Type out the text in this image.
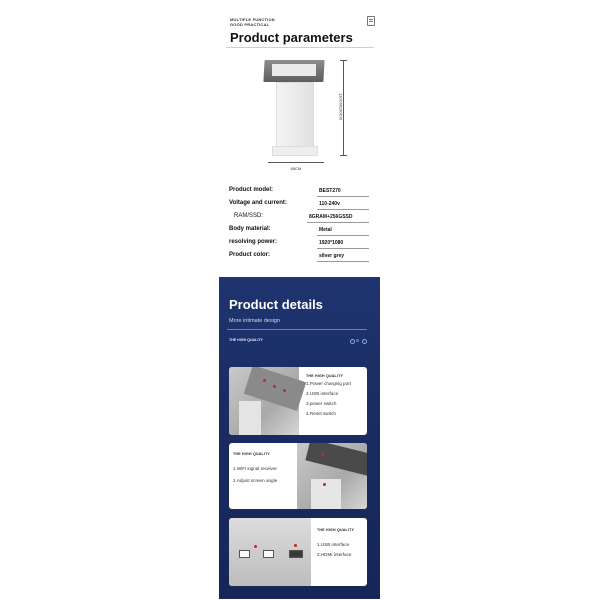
MULTIPLE FUNCTION
GOOD PRACTICAL
Product parameters
110CM/150CM
65CM
Product model:	BEST270
Voltage and current:	110-240v
RAM/SSD:	8GRAM+256GSSD
Body material:	Metal
resolving power:	1920*1080
Product color:	silver grey
Product details
More intimate design
THE HIGH QUALITY
THE HIGH QUALITY
1.Power charging port
2.USB interface
3.power switch
4.Reset switch
THE HIGH QUALITY
1.WiFi signal receiver
2.Adjust screen angle
THE HIGH QUALITY
1.USB interface
2.HDMI interface
